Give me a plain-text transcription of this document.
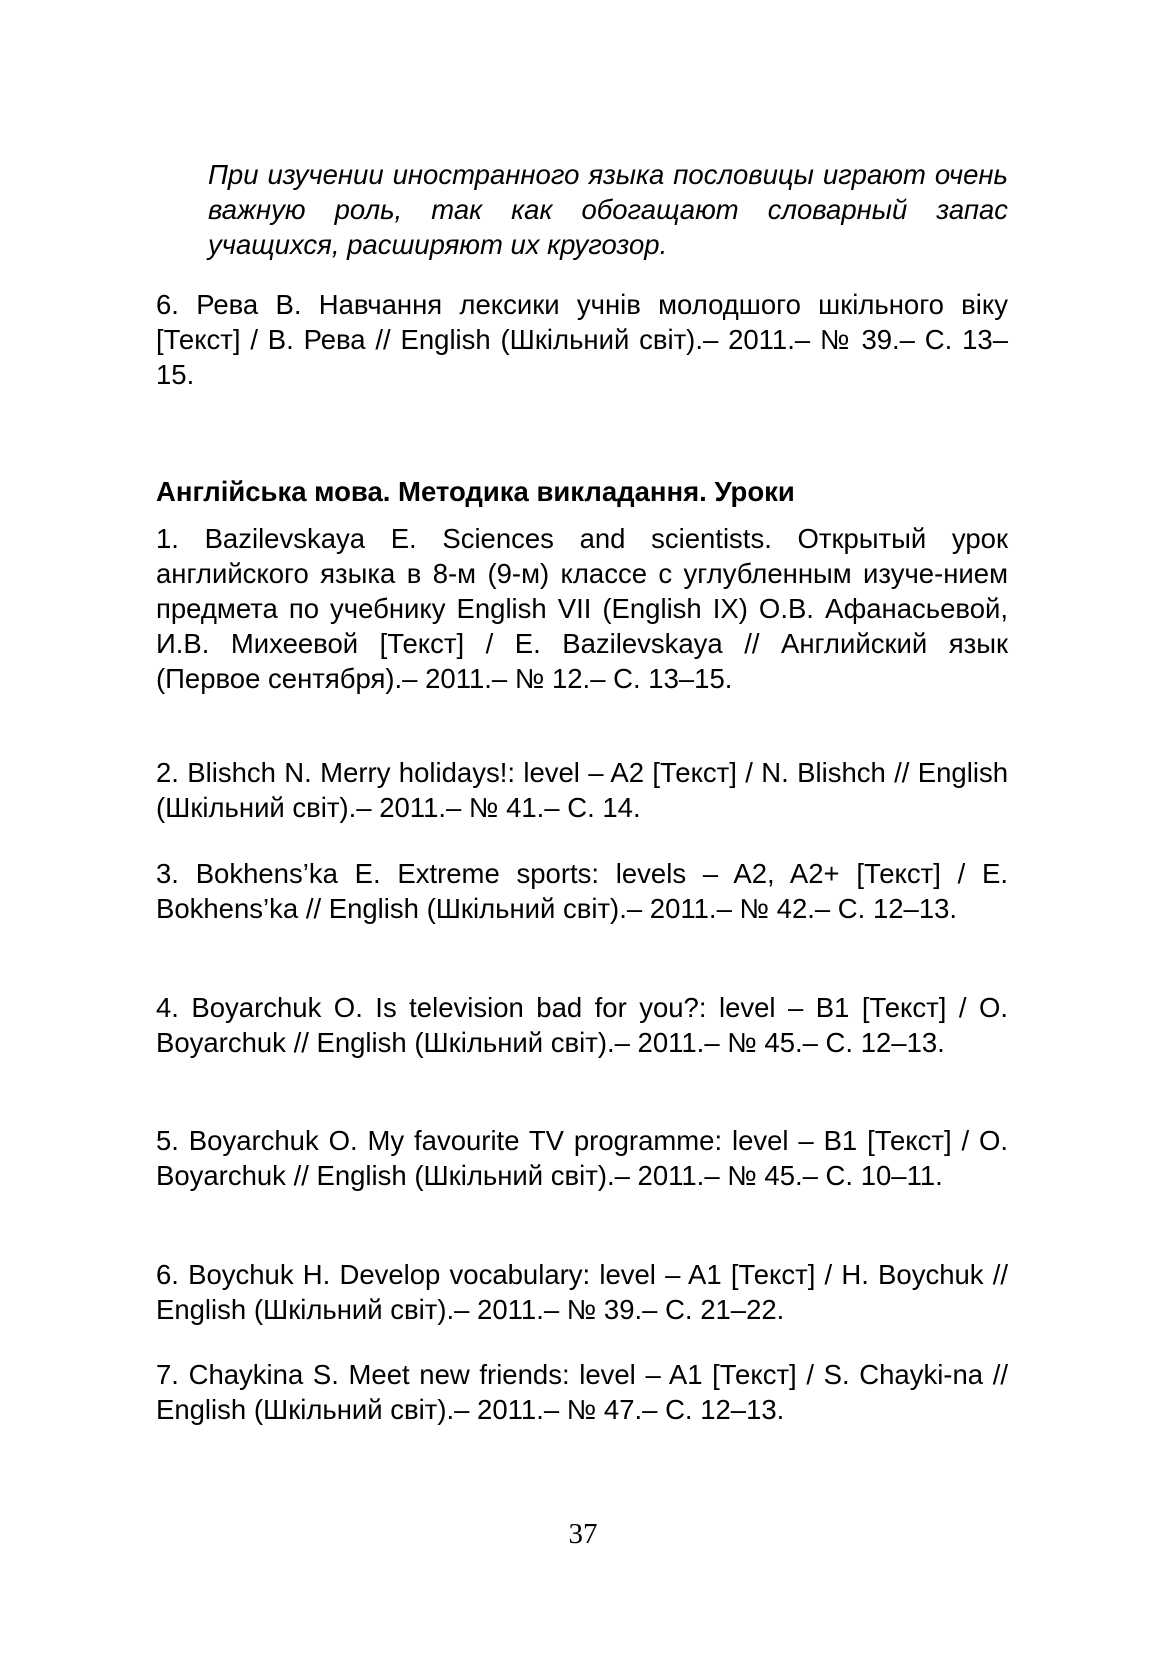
При изучении иностранного языка пословицы играют очень важную роль, так как обогащают словарный запас учащихся, расширяют их кругозор.

6. Рева В. Навчання лексики учнів молодшого шкільного віку [Текст] / В. Рева // English (Шкільний світ).– 2011.– № 39.– С. 13–15.

Англійська мова. Методика викладання. Уроки

1. Bazilevskaya E. Sciences and scientists. Открытый урок английского языка в 8-м (9-м) классе с углубленным изуче-нием предмета по учебнику English VII (English IX) О.В. Афанасьевой, И.В. Михеевой [Текст] / E. Bazilevskaya // Английский язык (Первое сентября).– 2011.– № 12.– С. 13–15.

2. Blishch N. Merry holidays!: level – A2 [Текст] / N. Blishch // English (Шкільний світ).– 2011.– № 41.– С. 14.

3. Bokhens’ka E. Extreme sports: levels – A2, A2+ [Текст] / E. Bokhens’ka // English (Шкільний світ).– 2011.– № 42.– С. 12–13.

4. Boyarchuk O. Is television bad for you?: level – B1 [Текст] / O. Boyarchuk // English (Шкільний світ).– 2011.– № 45.– С. 12–13.

5. Boyarchuk O. My favourite TV programme: level – B1 [Текст] / O. Boyarchuk // English (Шкільний світ).– 2011.– № 45.– С. 10–11.

6. Boychuk H. Develop vocabulary: level – A1 [Текст] / H. Boychuk // English (Шкільний світ).– 2011.– № 39.– С. 21–22.

7. Chaykina S. Meet new friends: level – A1 [Текст] / S. Chayki-na // English (Шкільний світ).– 2011.– № 47.– С. 12–13.

37
